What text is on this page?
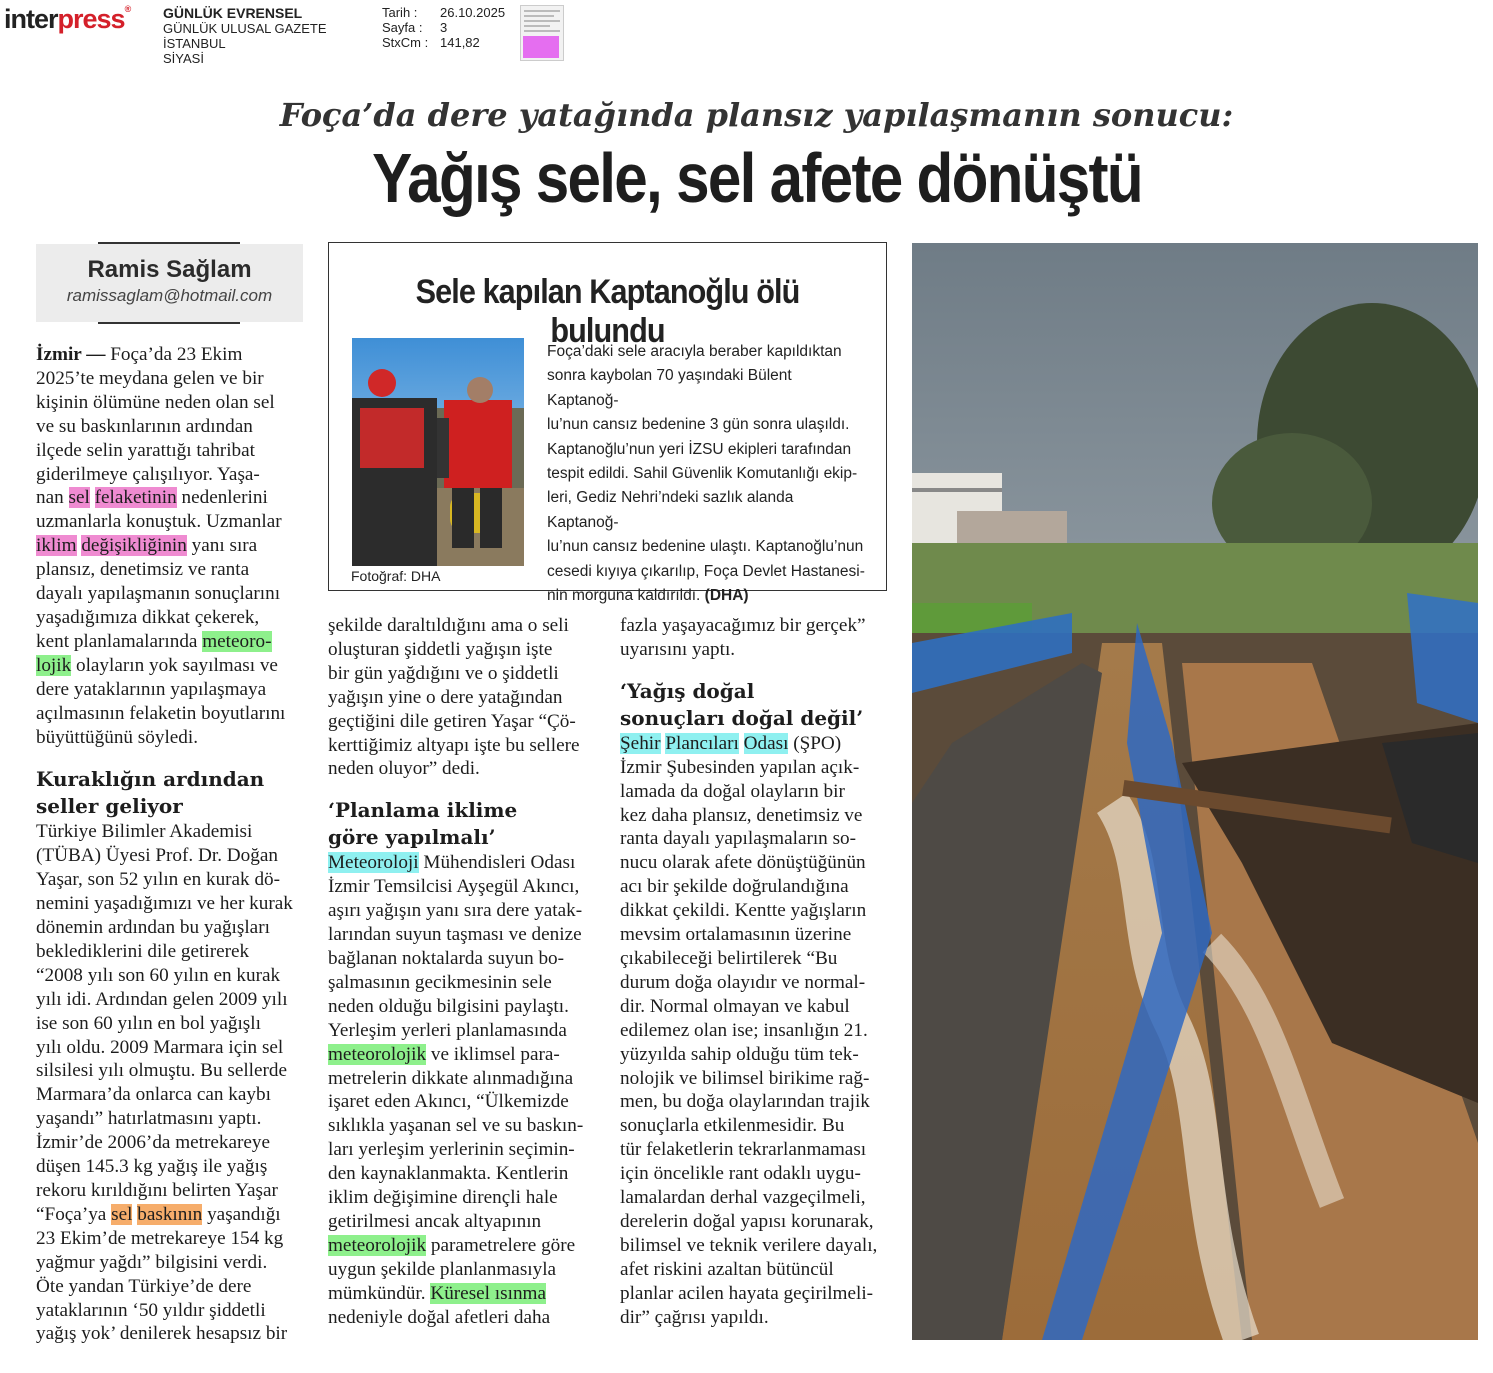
interpress® GÜNLÜK EVRENSEL
GÜNLÜK ULUSAL GAZETE
İSTANBUL
SİYASİ
Tarih :	26.10.2025
Sayfa :	3
StxCm : 141,82
Foça’da dere yatağında plansız yapılaşmanın sonucu:
Yağış sele, sel afete dönüştü
Ramis Sağlam
ramissaglam@hotmail.com

İzmir — Foça’da 23 Ekim
2025’te meydana gelen ve bir
kişinin ölümüne neden olan sel
ve su baskınlarının ardından
ilçede selin yarattığı tahribat
giderilmeye çalışılıyor. Yaşa-
nan sel felaketinin nedenlerini
uzmanlarla konuştuk. Uzmanlar
iklim değişikliğinin yanı sıra
plansız, denetimsiz ve ranta
dayalı yapılaşmanın sonuçlarını
yaşadığımıza dikkat çekerek,
kent planlamalarında meteoro-
lojik olayların yok sayılması ve
dere yataklarının yapılaşmaya
açılmasının felaketin boyutlarını
büyüttüğünü söyledi.

Kuraklığın ardından
seller geliyor

Türkiye Bilimler Akademisi
(TÜBA) Üyesi Prof. Dr. Doğan
Yaşar, son 52 yılın en kurak dö-
nemini yaşadığımızı ve her kurak
dönemin ardından bu yağışları
beklediklerini dile getirerek
“2008 yılı son 60 yılın en kurak
yılı idi. Ardından gelen 2009 yılı
ise son 60 yılın en bol yağışlı
yılı oldu. 2009 Marmara için sel
silsilesi yılı olmuştu. Bu sellerde
Marmara’da onlarca can kaybı
yaşandı” hatırlatmasını yaptı.
İzmir’de 2006’da metrekareye
düşen 145.3 kg yağış ile yağış
rekoru kırıldığını belirten Yaşar
“Foça’ya sel baskının yaşandığı
23 Ekim’de metrekareye 154 kg
yağmur yağdı” bilgisini verdi.
Öte yandan Türkiye’de dere
yataklarının ‘50 yıldır şiddetli
yağış yok’ denilerek hesapsız bir

Sele kapılan Kaptanoğlu ölü bulundu
Fotoğraf: DHA
Foça’daki sele aracıyla beraber kapıldıktan
sonra kaybolan 70 yaşındaki Bülent Kaptanoğ-
lu’nun cansız bedenine 3 gün sonra ulaşıldı.
Kaptanoğlu’nun yeri İZSU ekipleri tarafından
tespit edildi. Sahil Güvenlik Komutanlığı ekip-
leri, Gediz Nehri’ndeki sazlık alanda Kaptanoğ-
lu’nun cansız bedenine ulaştı. Kaptanoğlu’nun
cesedi kıyıya çıkarılıp, Foça Devlet Hastanesi-
nin morguna kaldırıldı. (DHA)

şekilde daraltıldığını ama o seli
oluşturan şiddetli yağışın işte
bir gün yağdığını ve o şiddetli
yağışın yine o dere yatağından
geçtiğini dile getiren Yaşar “Çö-
kerttiğimiz altyapı işte bu sellere
neden oluyor” dedi.

‘Planlama iklime
göre yapılmalı’

Meteoroloji Mühendisleri Odası
İzmir Temsilcisi Ayşegül Akıncı,
aşırı yağışın yanı sıra dere yatak-
larından suyun taşması ve denize
bağlanan noktalarda suyun bo-
şalmasının gecikmesinin sele
neden olduğu bilgisini paylaştı.
Yerleşim yerleri planlamasında
meteorolojik ve iklimsel para-
metrelerin dikkate alınmadığına
işaret eden Akıncı, “Ülkemizde
sıklıkla yaşanan sel ve su baskın-
ları yerleşim yerlerinin seçimin-
den kaynaklanmakta. Kentlerin
iklim değişimine dirençli hale
getirilmesi ancak altyapının
meteorolojik parametrelere göre
uygun şekilde planlanmasıyla
mümkündür. Küresel ısınma
nedeniyle doğal afetleri daha

fazla yaşayacağımız bir gerçek”
uyarısını yaptı.

‘Yağış doğal
sonuçları doğal değil’

Şehir Plancıları Odası (ŞPO)
İzmir Şubesinden yapılan açık-
lamada da doğal olayların bir
kez daha plansız, denetimsiz ve
ranta dayalı yapılaşmaların so-
nucu olarak afete dönüştüğünün
acı bir şekilde doğrulandığına
dikkat çekildi. Kentte yağışların
mevsim ortalamasının üzerine
çıkabileceği belirtilerek “Bu
durum doğa olayıdır ve normal-
dir. Normal olmayan ve kabul
edilemez olan ise; insanlığın 21.
yüzyılda sahip olduğu tüm tek-
nolojik ve bilimsel birikime rağ-
men, bu doğa olaylarından trajik
sonuçlarla etkilenmesidir. Bu
tür felaketlerin tekrarlanmaması
için öncelikle rant odaklı uygu-
lamalardan derhal vazgeçilmeli,
derelerin doğal yapısı korunarak,
bilimsel ve teknik verilere dayalı,
afet riskini azaltan bütüncül
planlar acilen hayata geçirilmeli-
dir” çağrısı yapıldı.
